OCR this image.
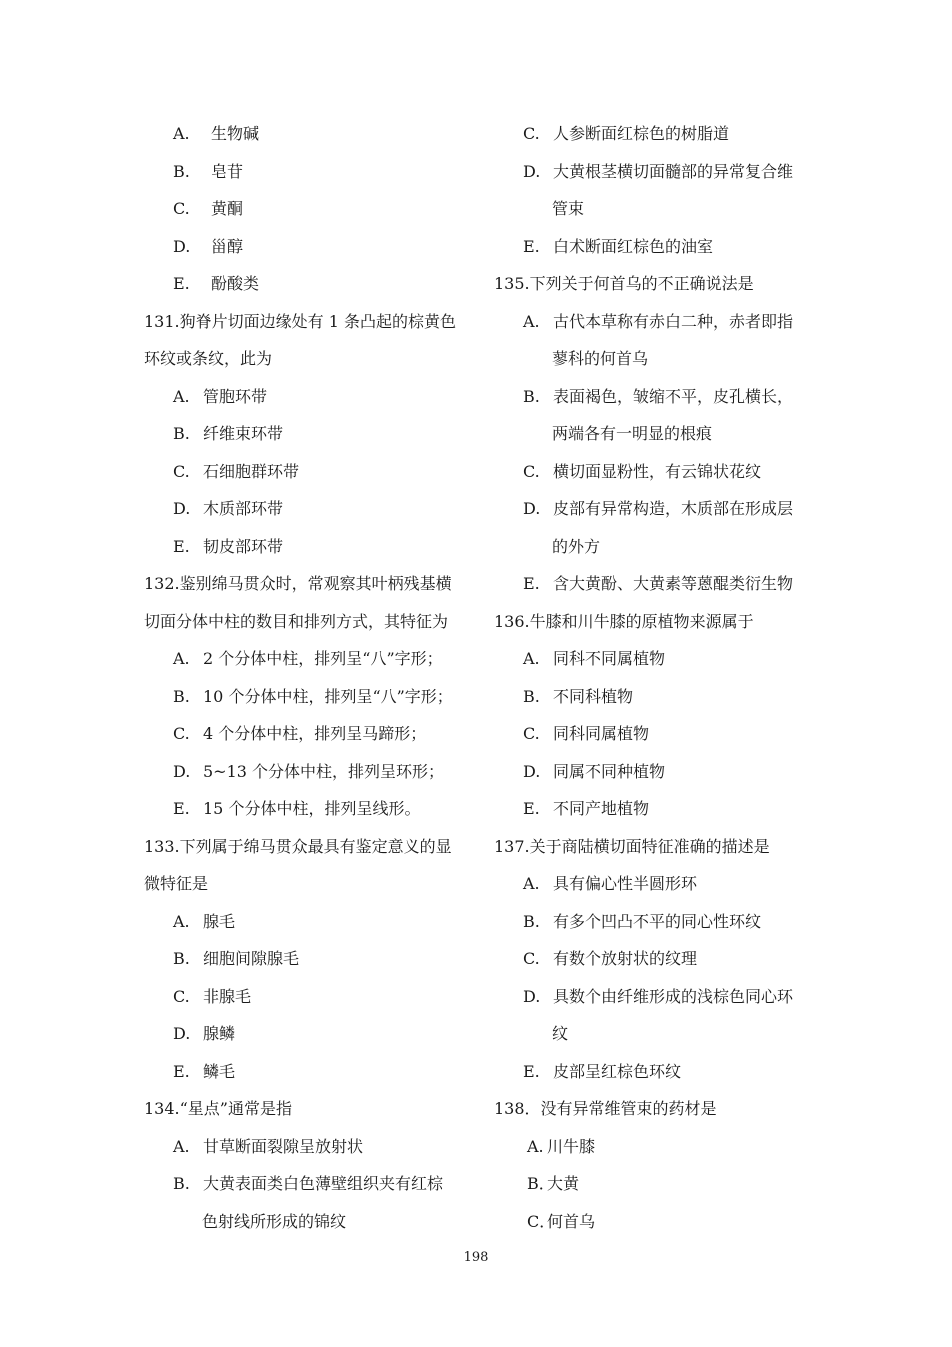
A. 生物碱
B. 皂苷
C. 黄酮
D. 甾醇
E. 酚酸类
131.狗脊片切面边缘处有 1 条凸起的棕黄色
环纹或条纹，此为
A. 管胞环带
B. 纤维束环带
C. 石细胞群环带
D. 木质部环带
E. 韧皮部环带
132.鉴别绵马贯众时，常观察其叶柄残基横
切面分体中柱的数目和排列方式，其特征为
A. 2 个分体中柱，排列呈“八”字形；
B. 10 个分体中柱，排列呈“八”字形；
C. 4 个分体中柱，排列呈马蹄形；
D. 5~13 个分体中柱，排列呈环形；
E. 15 个分体中柱，排列呈线形。
133.下列属于绵马贯众最具有鉴定意义的显
微特征是
A. 腺毛
B. 细胞间隙腺毛
C. 非腺毛
D. 腺鳞
E. 鳞毛
134.“星点”通常是指
A. 甘草断面裂隙呈放射状
B. 大黄表面类白色薄壁组织夹有红棕
色射线所形成的锦纹
C. 人参断面红棕色的树脂道
D. 大黄根茎横切面髓部的异常复合维
管束
E. 白术断面红棕色的油室
135.下列关于何首乌的不正确说法是
A. 古代本草称有赤白二种，赤者即指
蓼科的何首乌
B. 表面褐色，皱缩不平，皮孔横长，
两端各有一明显的根痕
C. 横切面显粉性，有云锦状花纹
D. 皮部有异常构造，木质部在形成层
的外方
E. 含大黄酚、大黄素等蒽醌类衍生物
136.牛膝和川牛膝的原植物来源属于
A. 同科不同属植物
B. 不同科植物
C. 同科同属植物
D. 同属不同种植物
E. 不同产地植物
137.关于商陆横切面特征准确的描述是
A. 具有偏心性半圆形环
B. 有多个凹凸不平的同心性环纹
C. 有数个放射状的纹理
D. 具数个由纤维形成的浅棕色同心环
纹
E. 皮部呈红棕色环纹
138．没有异常维管束的药材是
A. 川牛膝
B．大黄
C．何首乌
198
